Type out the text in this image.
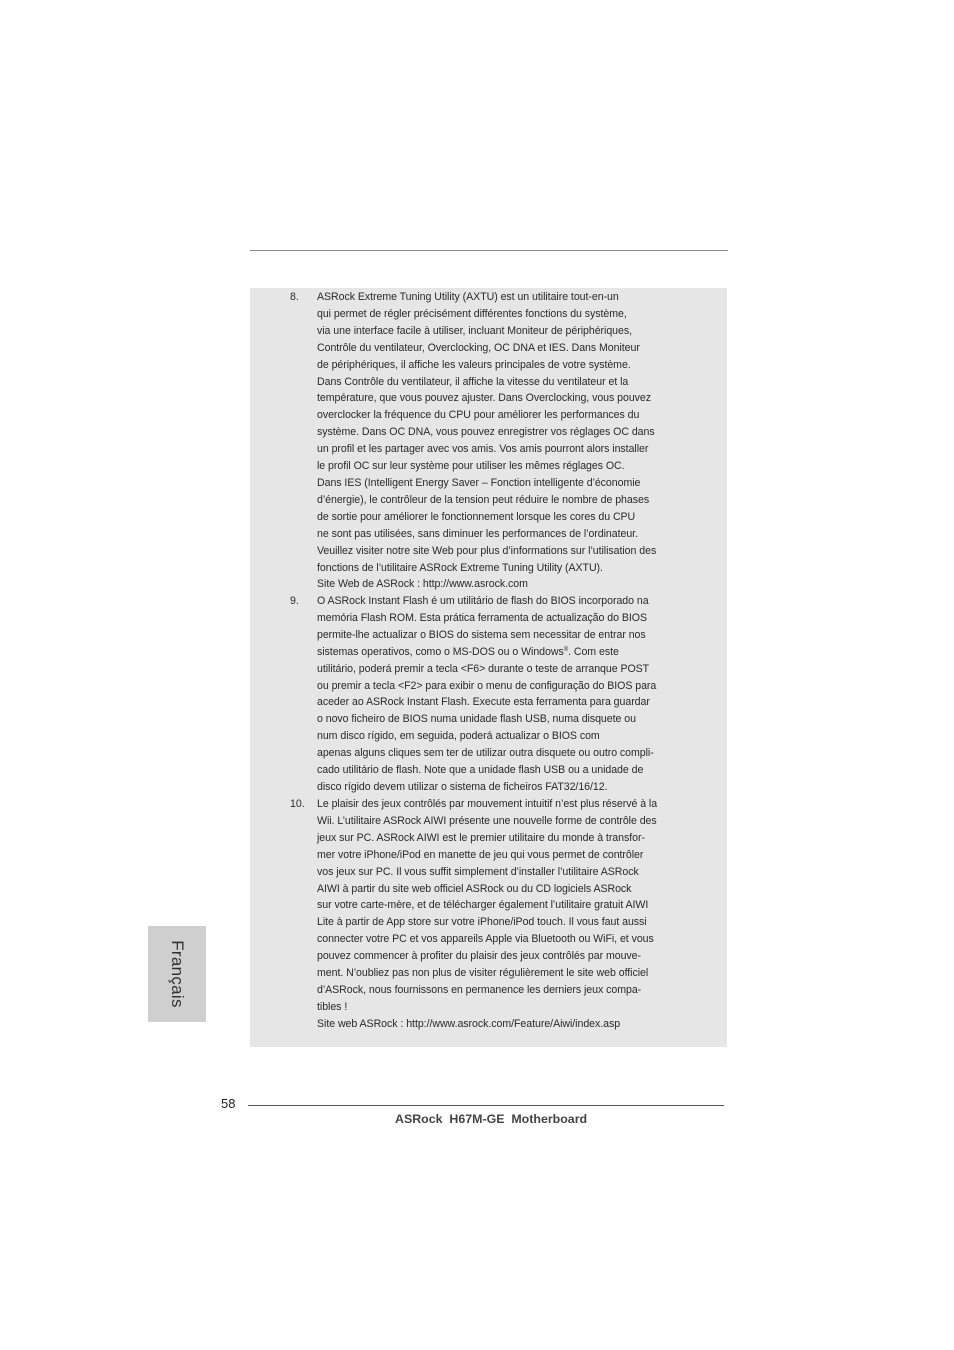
8.	ASRock Extreme Tuning Utility (AXTU) est un utilitaire tout-en-un
qui permet de régler précisément différentes fonctions du système,
via une interface facile à utiliser, incluant Moniteur de périphériques,
Contrôle du ventilateur, Overclocking, OC DNA et IES. Dans Moniteur
de périphériques, il affiche les valeurs principales de votre système.
Dans Contrôle du ventilateur, il affiche la vitesse du ventilateur et la
température, que vous pouvez ajuster. Dans Overclocking, vous pouvez
overclocker la fréquence du CPU pour améliorer les performances du
système. Dans OC DNA, vous pouvez enregistrer vos réglages OC dans
un profil et les partager avec vos amis. Vos amis pourront alors installer
le profil OC sur leur système pour utiliser les mêmes réglages OC.
Dans IES (Intelligent Energy Saver – Fonction intelligente d’économie
d’énergie), le contrôleur de la tension peut réduire le nombre de phases
de sortie pour améliorer le fonctionnement lorsque les cores du CPU
ne sont pas utilisées, sans diminuer les performances de l’ordinateur.
Veuillez visiter notre site Web pour plus d’informations sur l’utilisation des
fonctions de l’utilitaire ASRock Extreme Tuning Utility (AXTU).
Site Web de ASRock : http://www.asrock.com
9.	O ASRock Instant Flash é um utilitário de flash do BIOS incorporado na
memória Flash ROM. Esta prática ferramenta de actualização do BIOS
permite-lhe actualizar o BIOS do sistema sem necessitar de entrar nos
sistemas operativos, como o MS-DOS ou o Windows®. Com este
utilitário, poderá premir a tecla <F6> durante o teste de arranque POST
ou premir a tecla <F2> para exibir o menu de configuração do BIOS para
aceder ao ASRock Instant Flash. Execute esta ferramenta para guardar
o novo ficheiro de BIOS numa unidade flash USB, numa disquete ou
num disco rígido, em seguida, poderá actualizar o BIOS com
apenas alguns cliques sem ter de utilizar outra disquete ou outro compli-
cado utilitário de flash. Note que a unidade flash USB ou a unidade de
disco rígido devem utilizar o sistema de ficheiros FAT32/16/12.
10.	Le plaisir des jeux contrôlés par mouvement intuitif n’est plus réservé à la
Wii. L’utilitaire ASRock AIWI présente une nouvelle forme de contrôle des
jeux sur PC. ASRock AIWI est le premier utilitaire du monde à transfor-
mer votre iPhone/iPod en manette de jeu qui vous permet de contrôler
vos jeux sur PC. Il vous suffit simplement d’installer l’utilitaire ASRock
AIWI à partir du site web officiel ASRock ou du CD logiciels ASRock
sur votre carte-mère, et de télécharger également l’utilitaire gratuit AIWI
Lite à partir de App store sur votre iPhone/iPod touch. Il vous faut aussi
connecter votre PC et vos appareils Apple via Bluetooth ou WiFi, et vous
pouvez commencer à profiter du plaisir des jeux contrôlés par mouve-
ment. N’oubliez pas non plus de visiter régulièrement le site web officiel
d’ASRock, nous fournissons en permanence les derniers jeux compa-
tibles !
Site web ASRock : http://www.asrock.com/Feature/Aiwi/index.asp
Français
58
ASRock  H67M-GE  Motherboard
